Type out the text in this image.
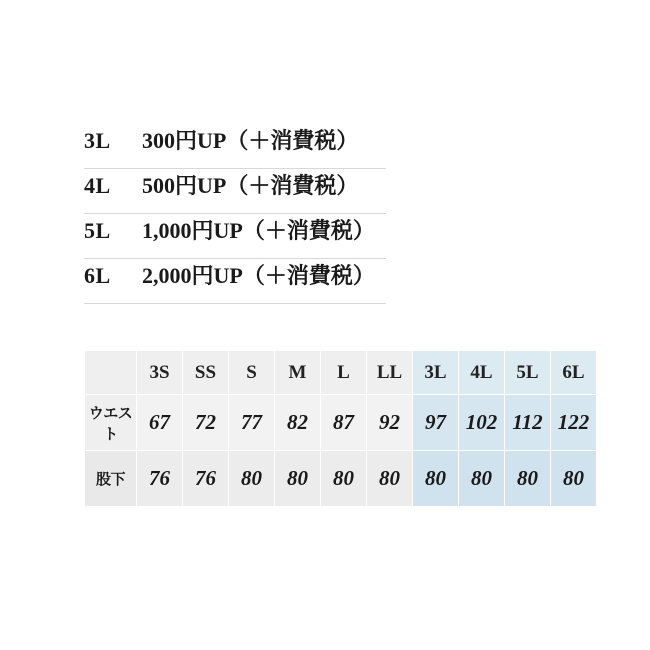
3L	300円UP（＋消費税）
4L	500円UP（＋消費税）
5L	1,000円UP（＋消費税）
6L	2,000円UP（＋消費税）
	3S	SS	S	M	L	LL	3L	4L	5L	6L
ウエスト	67	72	77	82	87	92	97	102	112	122
股下	76	76	80	80	80	80	80	80	80	80
